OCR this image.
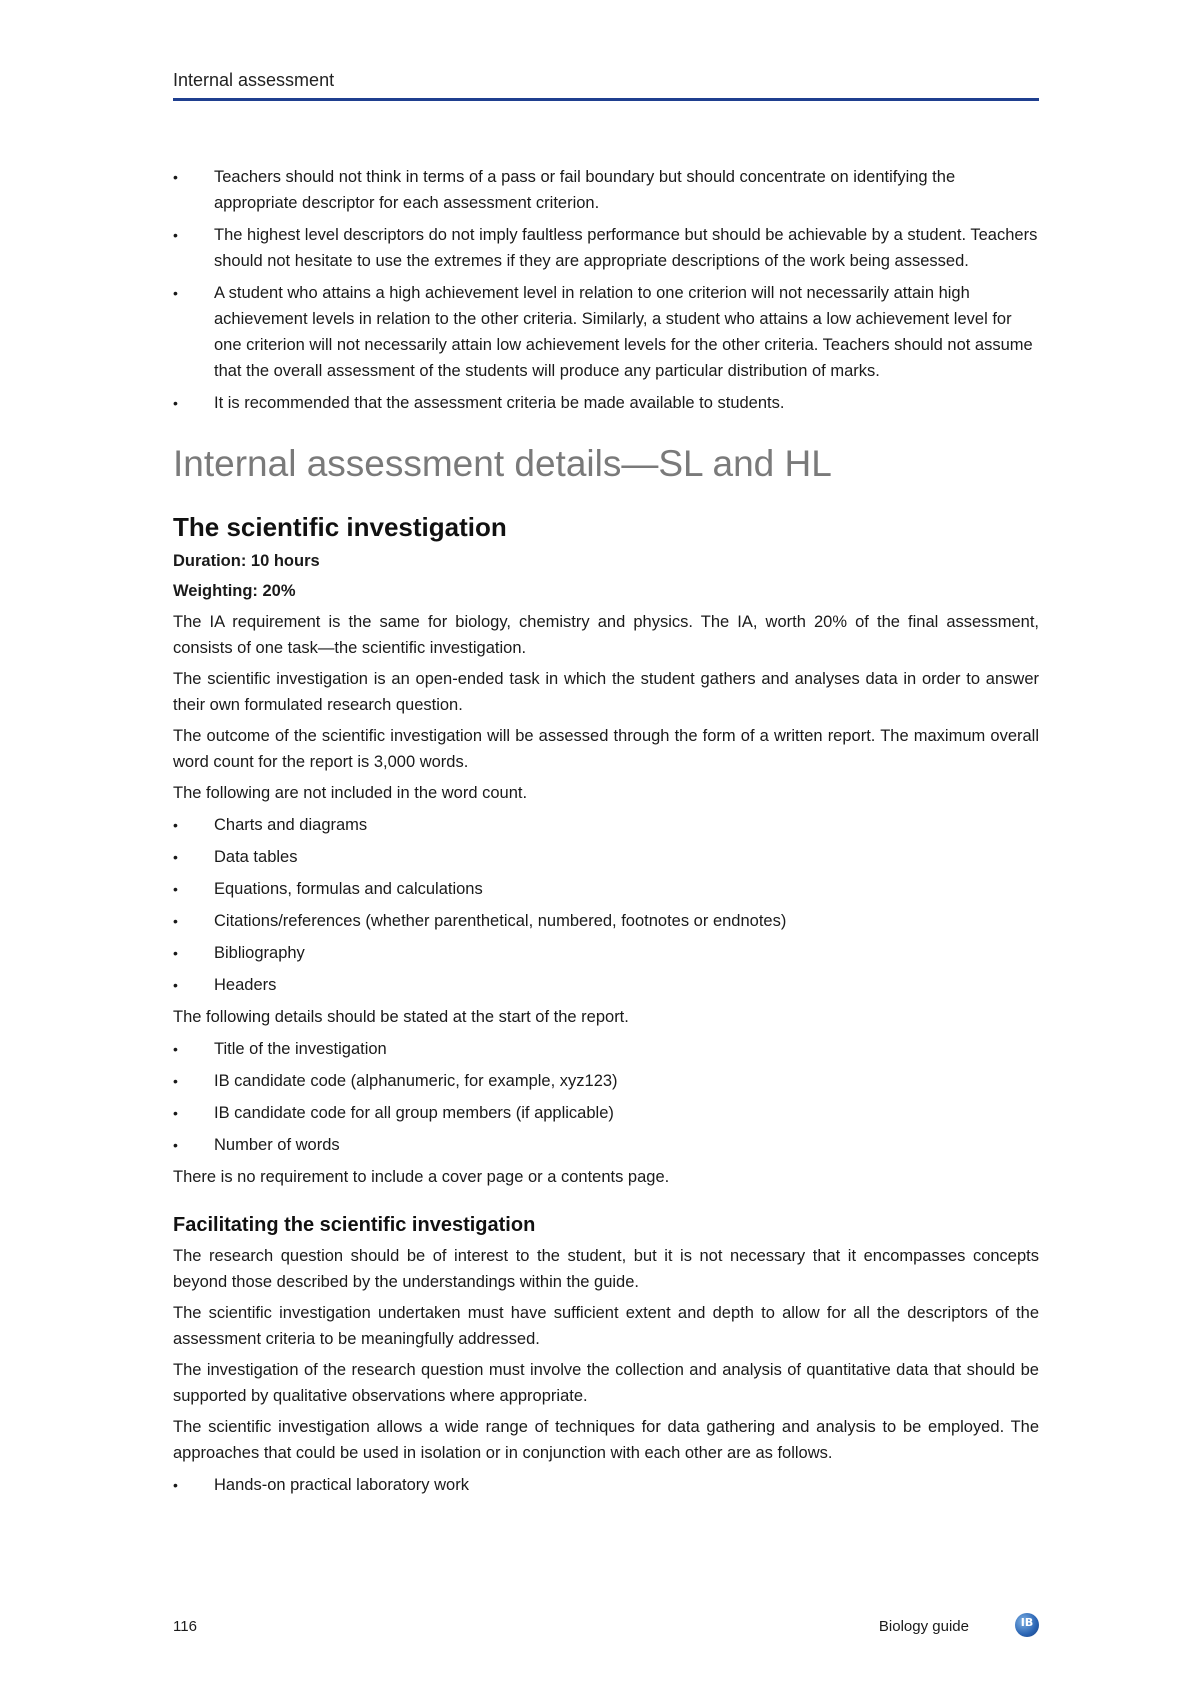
Internal assessment
•	Teachers should not think in terms of a pass or fail boundary but should concentrate on identifying the appropriate descriptor for each assessment criterion.
•	The highest level descriptors do not imply faultless performance but should be achievable by a student. Teachers should not hesitate to use the extremes if they are appropriate descriptions of the work being assessed.
•	A student who attains a high achievement level in relation to one criterion will not necessarily attain high achievement levels in relation to the other criteria. Similarly, a student who attains a low achievement level for one criterion will not necessarily attain low achievement levels for the other criteria. Teachers should not assume that the overall assessment of the students will produce any particular distribution of marks.
•	It is recommended that the assessment criteria be made available to students.
Internal assessment details—SL and HL
The scientific investigation
Duration: 10 hours
Weighting: 20%

The IA requirement is the same for biology, chemistry and physics. The IA, worth 20% of the final assessment, consists of one task—the scientific investigation.

The scientific investigation is an open-ended task in which the student gathers and analyses data in order to answer their own formulated research question.

The outcome of the scientific investigation will be assessed through the form of a written report. The maximum overall word count for the report is 3,000 words.

The following are not included in the word count.

•	Charts and diagrams
•	Data tables
•	Equations, formulas and calculations
•	Citations/references (whether parenthetical, numbered, footnotes or endnotes)
•	Bibliography
•	Headers

The following details should be stated at the start of the report.

•	Title of the investigation
•	IB candidate code (alphanumeric, for example, xyz123)
•	IB candidate code for all group members (if applicable)
•	Number of words

There is no requirement to include a cover page or a contents page.

Facilitating the scientific investigation

The research question should be of interest to the student, but it is not necessary that it encompasses concepts beyond those described by the understandings within the guide.

The scientific investigation undertaken must have sufficient extent and depth to allow for all the descriptors of the assessment criteria to be meaningfully addressed.

The investigation of the research question must involve the collection and analysis of quantitative data that should be supported by qualitative observations where appropriate.

The scientific investigation allows a wide range of techniques for data gathering and analysis to be employed. The approaches that could be used in isolation or in conjunction with each other are as follows.

•	Hands-on practical laboratory work
116	Biology guide	IB
